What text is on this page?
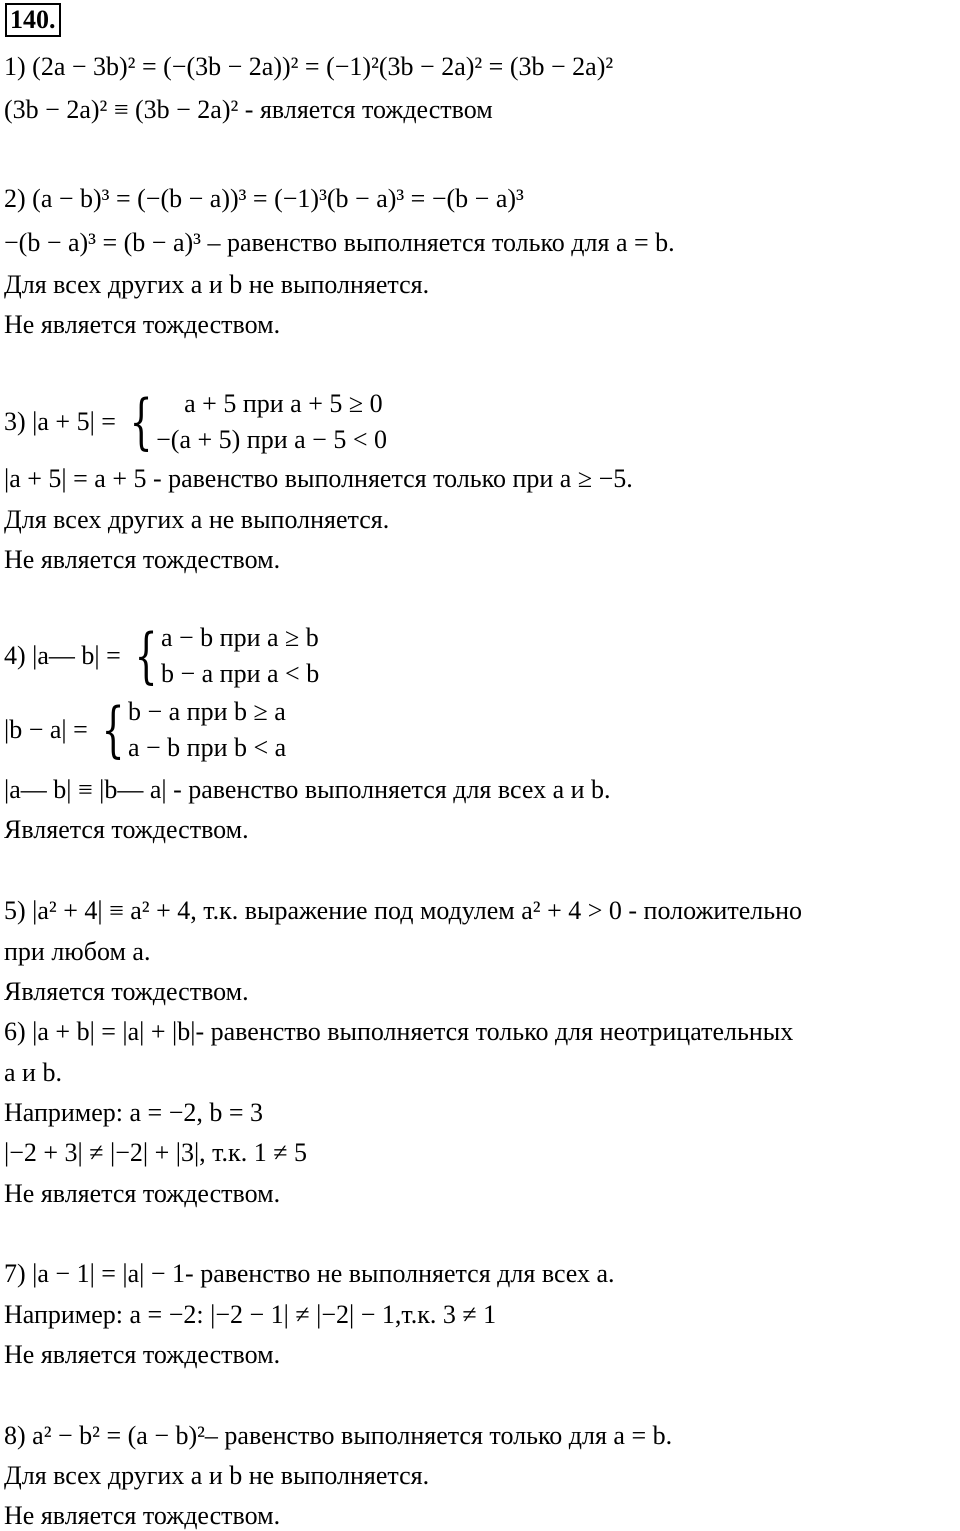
140.
1) (2a − 3b)² = (−(3b − 2a))² = (−1)²(3b − 2a)² = (3b − 2a)²
(3b − 2a)² ≡ (3b − 2a)² - является тождеством
2) (a − b)³ = (−(b − a))³ = (−1)³(b − a)³ = −(b − a)³
−(b − a)³ = (b − a)³ – равенство выполняется только для a = b.
Для всех других a и b не выполняется.
Не является тождеством.
3) |a + 5| = {	a + 5 при a + 5 ≥ 0
−(a + 5) при a − 5 < 0
|a + 5| = a + 5 - равенство выполняется только при a ≥ −5.
Для всех других a не выполняется.
Не является тождеством.
4) |a— b| = { a − b при a ≥ b
b − a при a < b
|b − a| = { b − a при b ≥ a
a − b при b < a
|a— b| ≡ |b— a| - равенство выполняется для всех a и b.
Является тождеством.
5) |a² + 4| ≡ a² + 4, т.к. выражение под модулем a² + 4 > 0 - положительно
при любом a.
Является тождеством.
6) |a + b| = |a| + |b|- равенство выполняется только для неотрицательных
a и b.
Например: a = −2, b = 3
|−2 + 3| ≠ |−2| + |3|, т.к. 1 ≠ 5
Не является тождеством.
7) |a − 1| = |a| − 1- равенство не выполняется для всех a.
Например: a = −2: |−2 − 1| ≠ |−2| − 1,т.к. 3 ≠ 1
Не является тождеством.
8) a² − b² = (a − b)²– равенство выполняется только для a = b.
Для всех других a и b не выполняется.
Не является тождеством.
